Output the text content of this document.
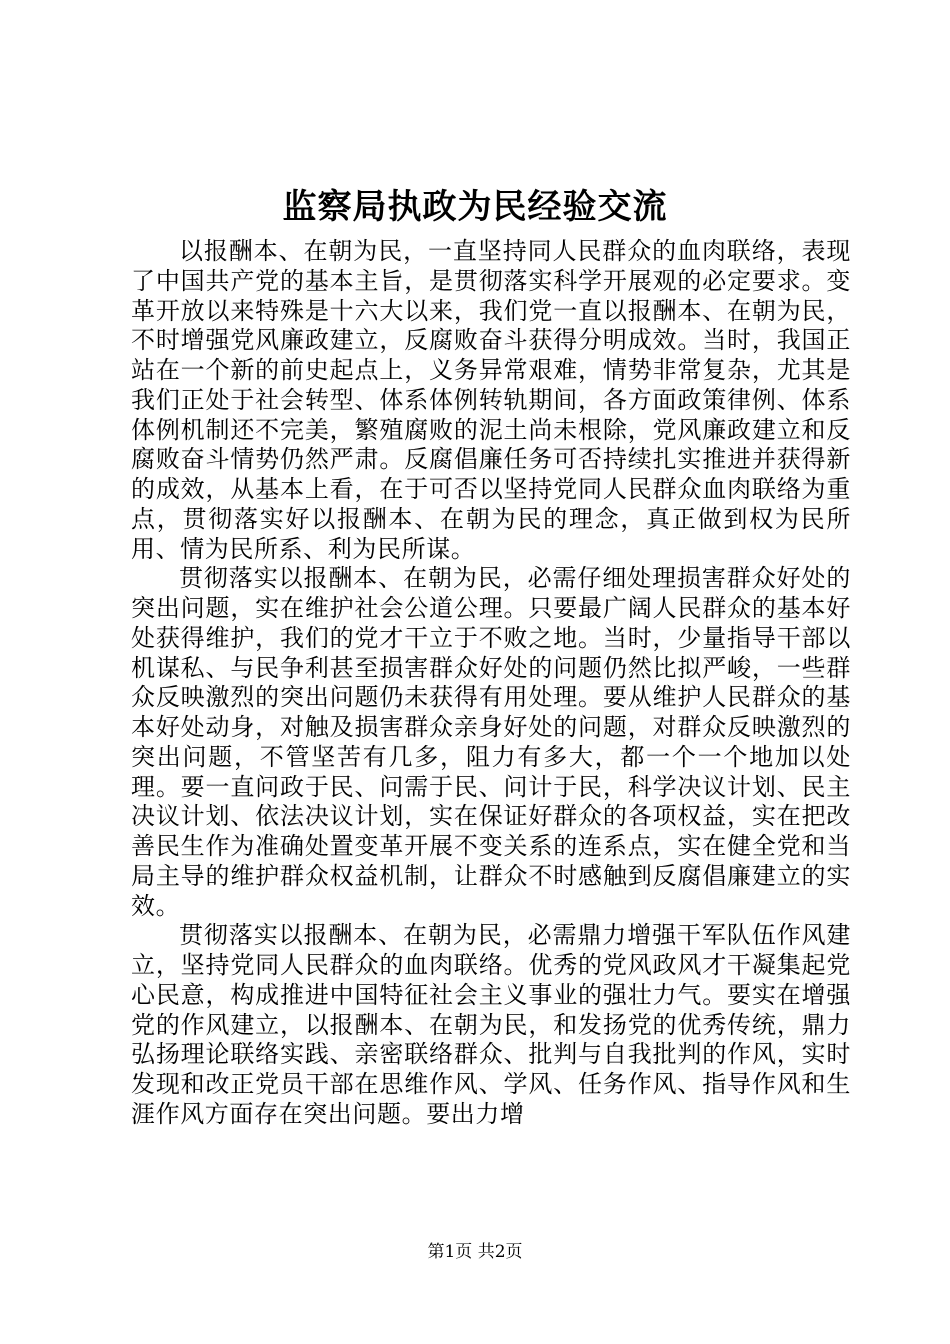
监察局执政为民经验交流

以报酬本、在朝为民，一直坚持同人民群众的血肉联络，表现了中国共产党的基本主旨，是贯彻落实科学开展观的必定要求。变革开放以来特殊是十六大以来，我们党一直以报酬本、在朝为民，不时增强党风廉政建立，反腐败奋斗获得分明成效。当时，我国正站在一个新的前史起点上，义务异常艰难，情势非常复杂，尤其是我们正处于社会转型、体系体例转轨期间，各方面政策律例、体系体例机制还不完美，繁殖腐败的泥土尚未根除，党风廉政建立和反腐败奋斗情势仍然严肃。反腐倡廉任务可否持续扎实推进并获得新的成效，从基本上看，在于可否以坚持党同人民群众血肉联络为重点，贯彻落实好以报酬本、在朝为民的理念，真正做到权为民所用、情为民所系、利为民所谋。

贯彻落实以报酬本、在朝为民，必需仔细处理损害群众好处的突出问题，实在维护社会公道公理。只要最广阔人民群众的基本好处获得维护，我们的党才干立于不败之地。当时，少量指导干部以机谋私、与民争利甚至损害群众好处的问题仍然比拟严峻，一些群众反映激烈的突出问题仍未获得有用处理。要从维护人民群众的基本好处动身，对触及损害群众亲身好处的问题，对群众反映激烈的突出问题，不管坚苦有几多，阻力有多大，都一个一个地加以处理。要一直问政于民、问需于民、问计于民，科学决议计划、民主决议计划、依法决议计划，实在保证好群众的各项权益，实在把改善民生作为准确处置变革开展不变关系的连系点，实在健全党和当局主导的维护群众权益机制，让群众不时感触到反腐倡廉建立的实效。

贯彻落实以报酬本、在朝为民，必需鼎力增强干军队伍作风建立，坚持党同人民群众的血肉联络。优秀的党风政风才干凝集起党心民意，构成推进中国特征社会主义事业的强壮力气。要实在增强党的作风建立，以报酬本、在朝为民，和发扬党的优秀传统，鼎力弘扬理论联络实践、亲密联络群众、批判与自我批判的作风，实时发现和改正党员干部在思维作风、学风、任务作风、指导作风和生涯作风方面存在突出问题。要出力增

第1页 共2页
